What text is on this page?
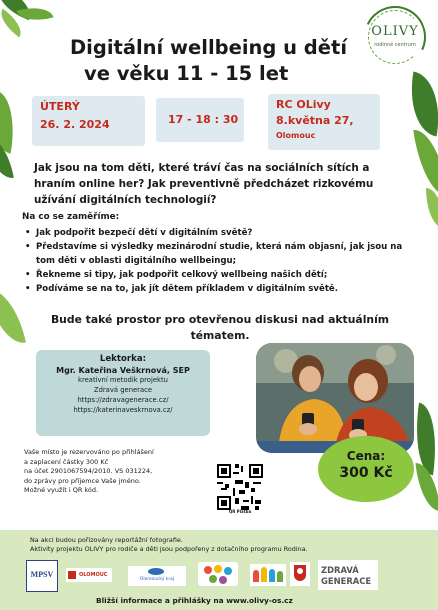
OLIVY
rodinné centrum
Digitální wellbeing u dětí
ve věku 11 - 15 let
ÚTERÝ
26. 2. 2024	17 - 18 : 30
RC OLivy
8.května 27,
Olomouc
Jak jsou na tom děti, které tráví čas na sociálních sítích a hraním online her? Jak preventivně předcházet rizkovému užívání digitálních technologií?
Na co se zaměříme:
• Jak podpořit bezpečí dětí v digitálním světě?
• Představíme si výsledky mezinárodní studie, která nám objasní, jak jsou na tom děti v oblasti digitálního wellbeingu;
• Řekneme si tipy, jak podpořit celkový wellbeing našich dětí;
• Podíváme se na to, jak jít dětem příkladem v digitálním světě.
Bude také prostor pro otevřenou diskusi nad aktuálním tématem.
Lektorka:
Mgr. Kateřina Veškrnová, SEP
kreativní metodik projektu
Zdravá generace
https://zdravagenerace.cz/
https://katerinaveskrnova.cz/
Cena:
300 Kč
Vaše místo je rezervováno po přihlášení
a zaplacení částky 300 Kč
na účet 2901067594/2010. VS 031224,
do zprávy pro příjemce Vaše jméno.
Možné využít i QR kód.
QR Platba
Na akci budou pořizovány reportážní fotografie.
Aktivity projektu OLIVY pro rodiče a děti jsou podpořeny z dotačního programu Rodina.
MPSV	OLOMOUC
Olomoucký kraj
ZDRAVÁ
GENERACE
Bližší informace a přihlášky na www.olivy-os.cz
